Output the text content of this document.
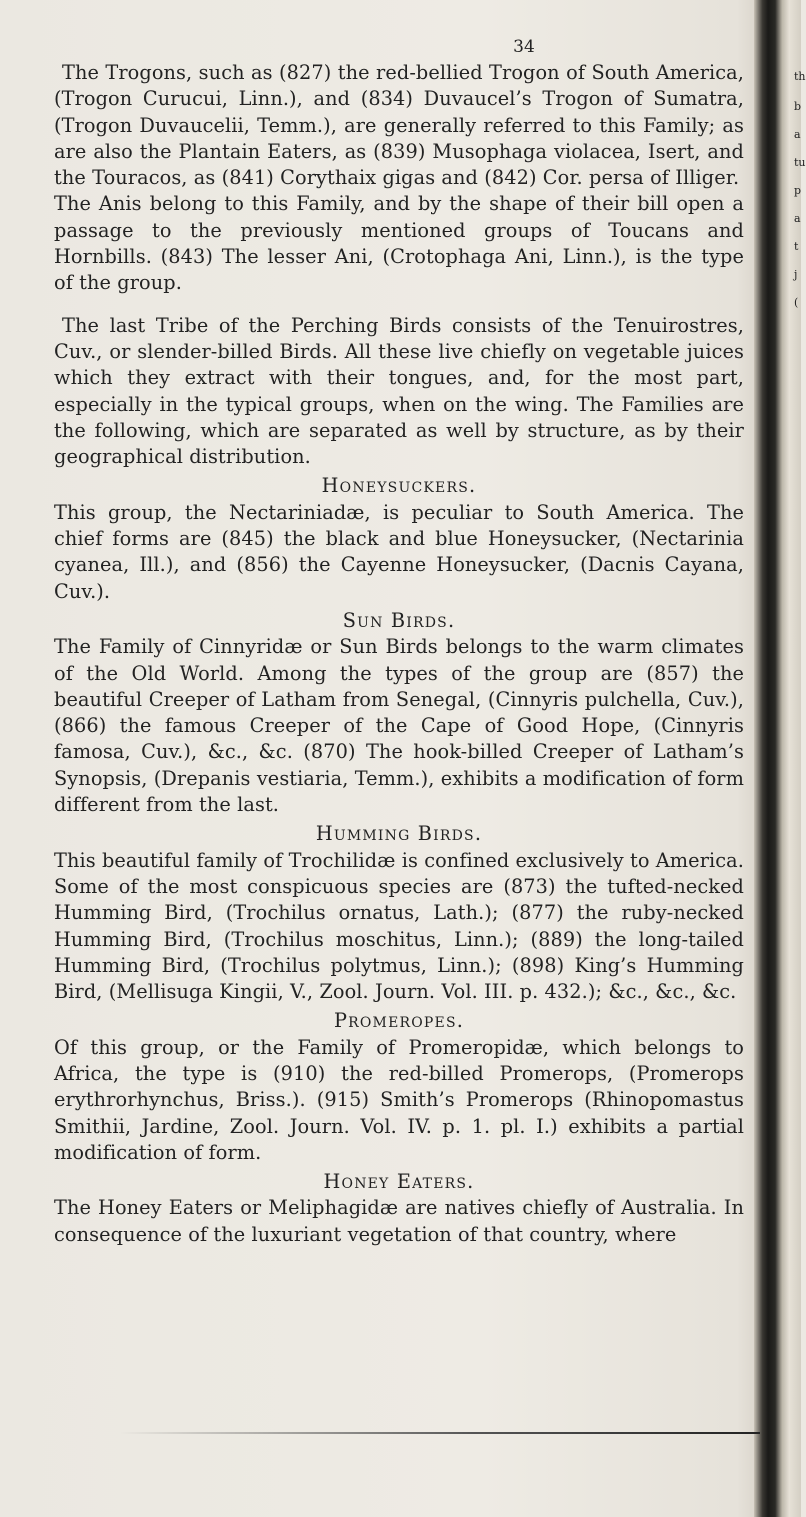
th
b
a
tu
p
a
t
j
(
34

The Trogons, such as (827) the red-bellied Trogon of South America, (Trogon Curucui, Linn.), and (834) Duvaucel’s Trogon of Sumatra, (Trogon Duvaucelii, Temm.), are generally referred to this Family; as are also the Plantain Eaters, as (839) Musophaga violacea, Isert, and the Touracos, as (841) Corythaix gigas and (842) Cor. persa of Illiger.

The Anis belong to this Family, and by the shape of their bill open a passage to the previously mentioned groups of Toucans and Hornbills. (843) The lesser Ani, (Crotophaga Ani, Linn.), is the type of the group.

The last Tribe of the Perching Birds consists of the Tenuirostres, Cuv., or slender-billed Birds. All these live chiefly on vegetable juices which they extract with their tongues, and, for the most part, especially in the typical groups, when on the wing. The Families are the following, which are separated as well by structure, as by their geographical distribution.

Honeysuckers.

This group, the Nectariniadæ, is peculiar to South America. The chief forms are (845) the black and blue Honeysucker, (Nectarinia cyanea, Ill.), and (856) the Cayenne Honeysucker, (Dacnis Cayana, Cuv.).

Sun Birds.

The Family of Cinnyridæ or Sun Birds belongs to the warm climates of the Old World. Among the types of the group are (857) the beautiful Creeper of Latham from Senegal, (Cinnyris pulchella, Cuv.), (866) the famous Creeper of the Cape of Good Hope, (Cinnyris famosa, Cuv.), &c., &c. (870) The hook-billed Creeper of Latham’s Synopsis, (Drepanis vestiaria, Temm.), exhibits a modification of form different from the last.

Humming Birds.

This beautiful family of Trochilidæ is confined exclusively to America. Some of the most conspicuous species are (873) the tufted-necked Humming Bird, (Trochilus ornatus, Lath.); (877) the ruby-necked Humming Bird, (Trochilus moschitus, Linn.); (889) the long-tailed Humming Bird, (Trochilus polytmus, Linn.); (898) King’s Humming Bird, (Mellisuga Kingii, V., Zool. Journ. Vol. III. p. 432.); &c., &c., &c.

Promeropes.

Of this group, or the Family of Promeropidæ, which belongs to Africa, the type is (910) the red-billed Promerops, (Promerops erythrorhynchus, Briss.). (915) Smith’s Promerops (Rhinopomastus Smithii, Jardine, Zool. Journ. Vol. IV. p. 1. pl. I.) exhibits a partial modification of form.

Honey Eaters.

The Honey Eaters or Meliphagidæ are natives chiefly of Australia. In consequence of the luxuriant vegetation of that country, where
